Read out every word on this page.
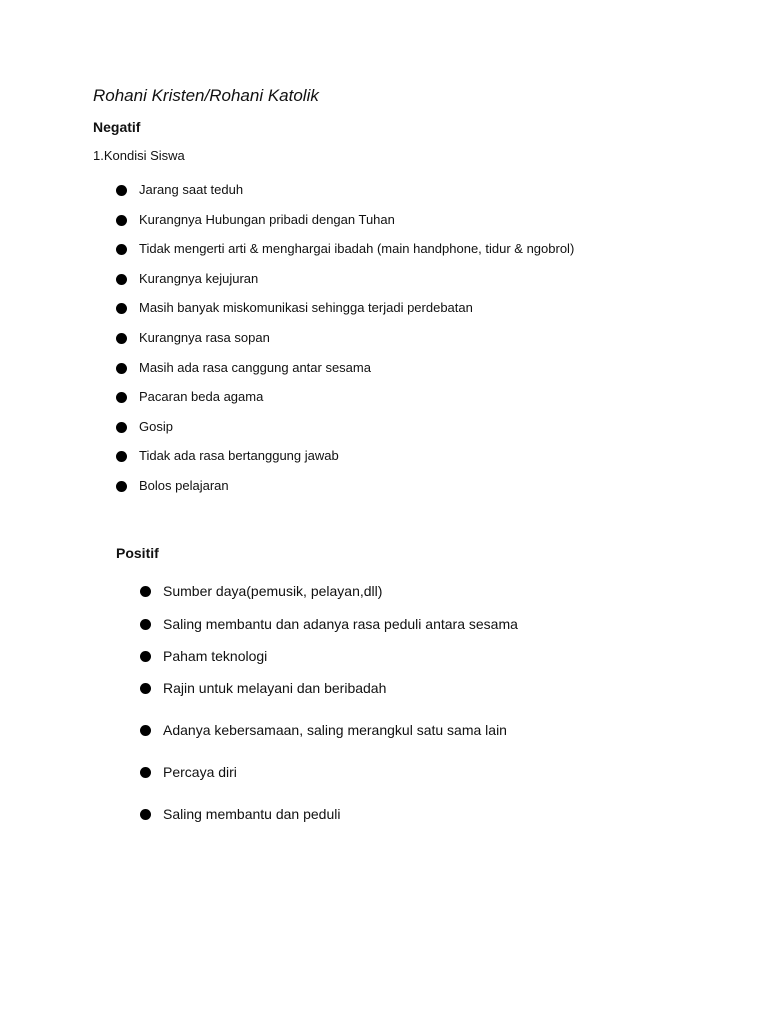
Rohani Kristen/Rohani Katolik
Negatif
1.Kondisi Siswa
Jarang saat teduh
Kurangnya Hubungan pribadi dengan Tuhan
Tidak mengerti arti & menghargai ibadah (main handphone, tidur & ngobrol)
Kurangnya kejujuran
Masih banyak miskomunikasi sehingga terjadi perdebatan
Kurangnya rasa sopan
Masih ada rasa canggung antar sesama
Pacaran beda agama
Gosip
Tidak ada rasa bertanggung jawab
Bolos pelajaran
Positif
Sumber daya(pemusik, pelayan,dll)
Saling membantu dan adanya rasa peduli antara sesama
Paham teknologi
Rajin untuk melayani dan beribadah
Adanya kebersamaan, saling merangkul satu sama lain
Percaya diri
Saling membantu dan peduli
